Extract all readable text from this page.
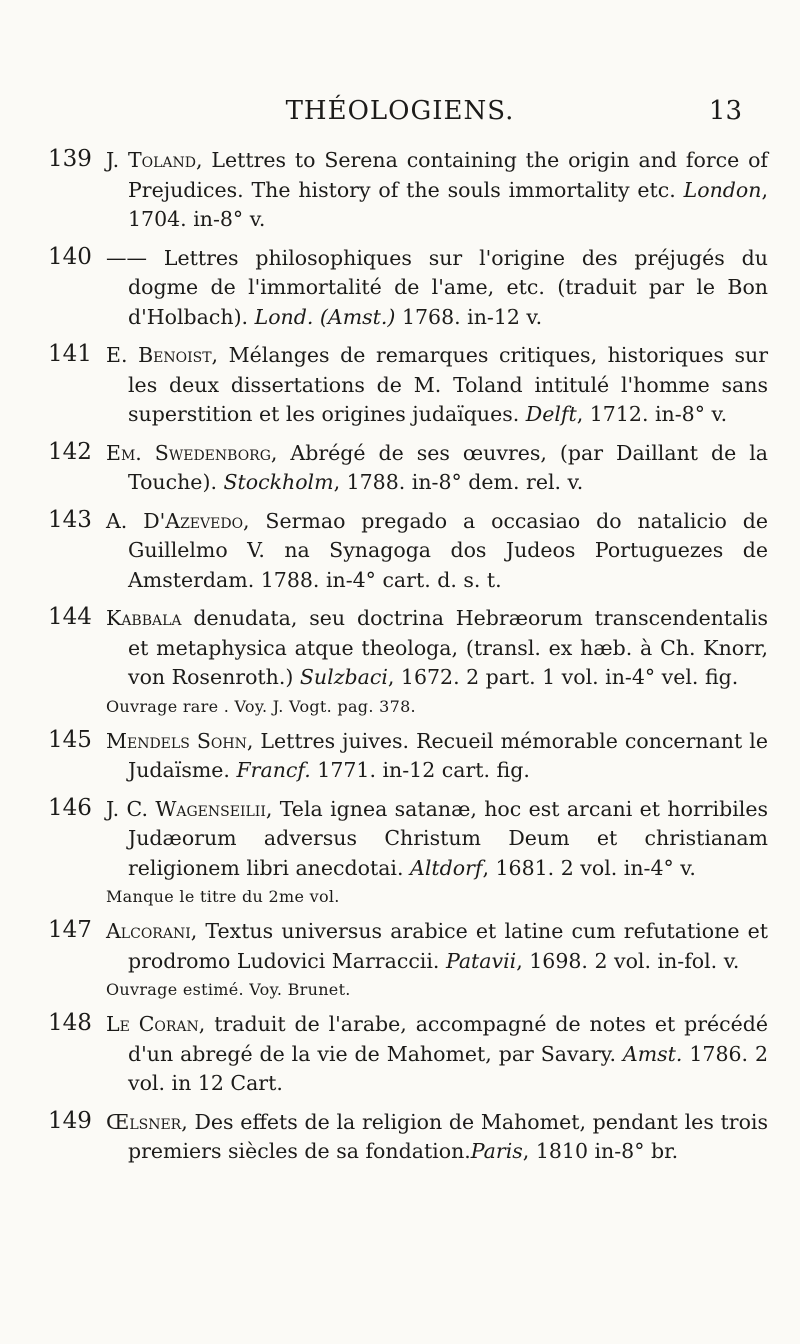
THÉOLOGIENS.	13
139 J. Toland, Lettres to Serena containing the origin and force of Prejudices. The history of the souls immortality etc. London, 1704. in-8° v.
140 —— Lettres philosophiques sur l'origine des préjugés du dogme de l'immortalité de l'ame, etc. (traduit par le Bon d'Holbach). Lond. (Amst.) 1768. in-12 v.
141 E. Benoist, Mélanges de remarques critiques, historiques sur les deux dissertations de M. Toland intitulé l'homme sans superstition et les origines judaïques. Delft, 1712. in-8° v.
142 Em. Swedenborg, Abrégé de ses œuvres, (par Daillant de la Touche). Stockholm, 1788. in-8° dem. rel. v.
143 A. D'Azevedo, Sermao pregado a occasiao do natalicio de Guillelmo V. na Synagoga dos Judeos Portuguezes de Amsterdam. 1788. in-4° cart. d. s. t.
144 Kabbala denudata, seu doctrina Hebræorum transcendentalis et metaphysica atque theologa, (transl. ex hæb. à Ch. Knorr, von Rosenroth.) Sulzbaci, 1672. 2 part. 1 vol. in-4° vel. fig.
Ouvrage rare . Voy. J. Vogt. pag. 378.
145 Mendels Sohn, Lettres juives. Recueil mémorable concernant le Judaïsme. Francf. 1771. in-12 cart. fig.
146 J. C. Wagenseilii, Tela ignea satanæ, hoc est arcani et horribiles Judæorum adversus Christum Deum et christianam religionem libri anecdotai. Altdorf, 1681. 2 vol. in-4° v.
Manque le titre du 2me vol.
147 Alcorani, Textus universus arabice et latine cum refutatione et prodromo Ludovici Marraccii. Patavii, 1698. 2 vol. in-fol. v.
Ouvrage estimé. Voy. Brunet.
148 Le Coran, traduit de l'arabe, accompagné de notes et précédé d'un abregé de la vie de Mahomet, par Savary. Amst. 1786. 2 vol. in 12 Cart.
149 Œlsner, Des effets de la religion de Mahomet, pendant les trois premiers siècles de sa fondation.Paris, 1810 in-8° br.
